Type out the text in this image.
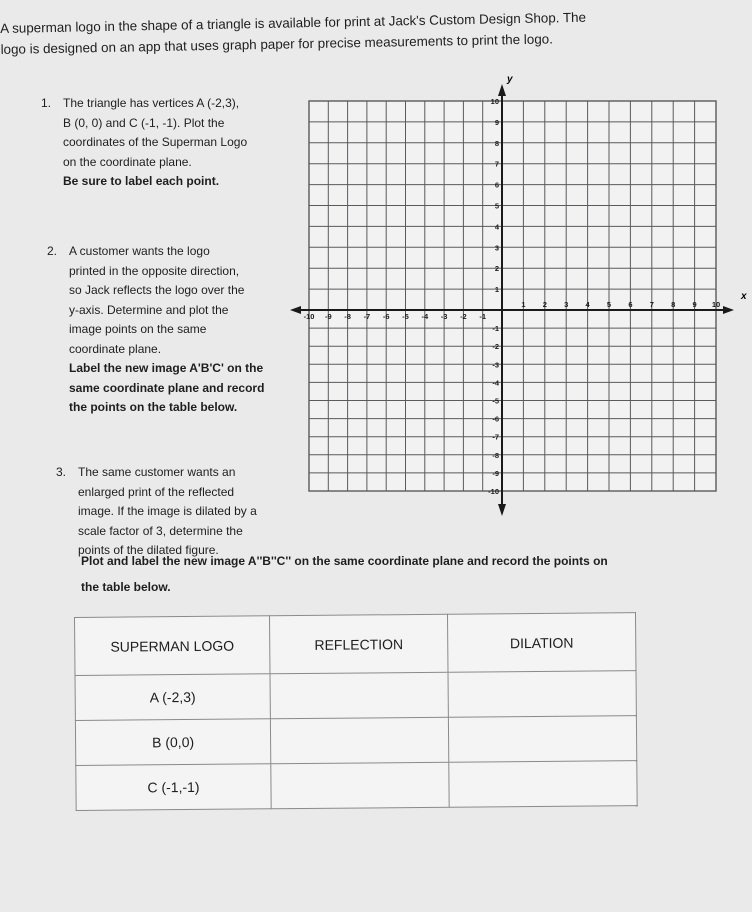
A superman logo in the shape of a triangle is available for print at Jack's Custom Design Shop. The
logo is designed on an app that uses graph paper for precise measurements to print the logo.
1. The triangle has vertices A (-2,3),
B (0, 0) and C (-1, -1). Plot the
coordinates of the Superman Logo
on the coordinate plane.
Be sure to label each point.
2. A customer wants the logo
printed in the opposite direction,
so Jack reflects the logo over the
y-axis. Determine and plot the
image points on the same
coordinate plane.
Label the new image A'B'C' on the
same coordinate plane and record
the points on the table below.
3. The same customer wants an
enlarged print of the reflected
image. If the image is dilated by a
scale factor of 3, determine the
points of the dilated figure.
Plot and label the new image A''B''C'' on the same coordinate plane and record the points on
the table below.
x
y
-10 -9 -8 -7 -6 -5 -4 -3 -2 -1
1 2 3 4 5 6 7 8 9 10
10
9
8
7
6
5
4
3
2
1
-1
-2
-3
-4
-5
-6
-7
-8
-9
-10
SUPERMAN LOGO	REFLECTION	DILATION
A (-2,3)		
B (0,0)		
C (-1,-1)		
